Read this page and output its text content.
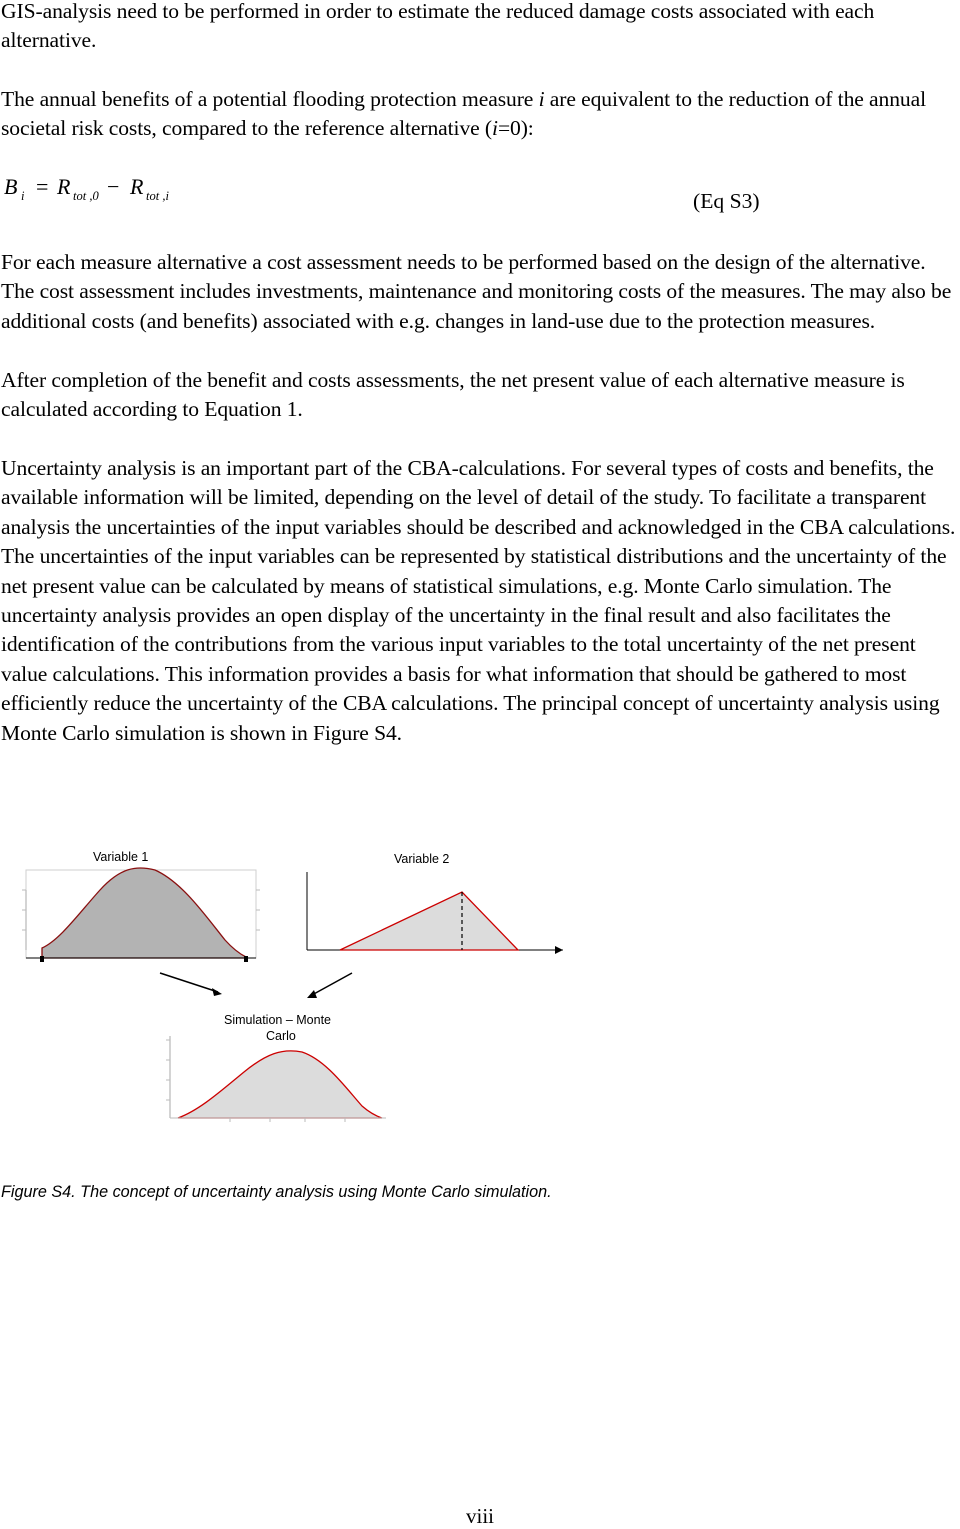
GIS-analysis need to be performed in order to estimate the reduced damage costs associated with each alternative.

The annual benefits of a potential flooding protection measure i are equivalent to the reduction of the annual societal risk costs, compared to the reference alternative (i=0):

B i = R tot ,0 − R tot ,i	(Eq S3)

For each measure alternative a cost assessment needs to be performed based on the design of the alternative. The cost assessment includes investments, maintenance and monitoring costs of the measures. The may also be additional costs (and benefits) associated with e.g. changes in land-use due to the protection measures.

After completion of the benefit and costs assessments, the net present value of each alternative measure is calculated according to Equation 1.

Uncertainty analysis is an important part of the CBA-calculations. For several types of costs and benefits, the available information will be limited, depending on the level of detail of the study. To facilitate a transparent analysis the uncertainties of the input variables should be described and acknowledged in the CBA calculations. The uncertainties of the input variables can be represented by statistical distributions and the uncertainty of the net present value can be calculated by means of statistical simulations, e.g. Monte Carlo simulation. The uncertainty analysis provides an open display of the uncertainty in the final result and also facilitates the identification of the contributions from the various input variables to the total uncertainty of the net present value calculations. This information provides a basis for what information that should be gathered to most efficiently reduce the uncertainty of the CBA calculations. The principal concept of uncertainty analysis using Monte Carlo simulation is shown in Figure S4.

Variable 1	Variable 2
Simulation – Monte
Carlo
Figure S4. The concept of uncertainty analysis using Monte Carlo simulation.
viii
